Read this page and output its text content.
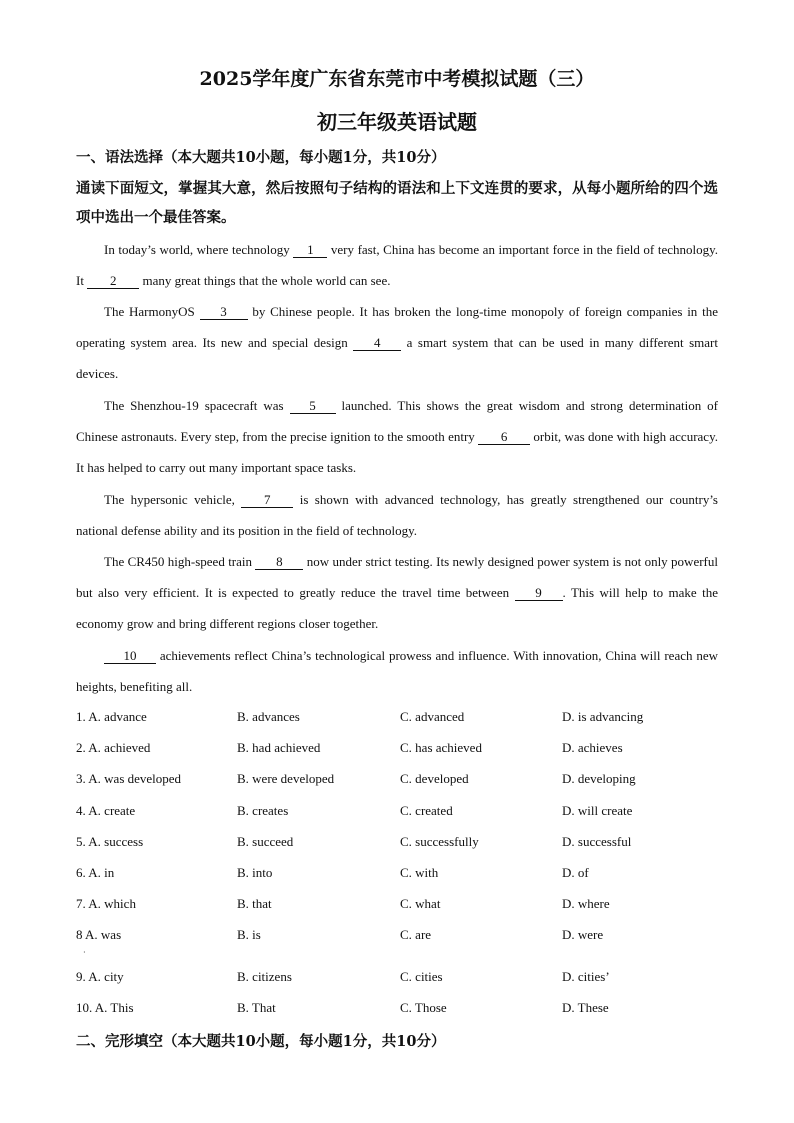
2025学年度广东省东莞市中考模拟试题（三）
初三年级英语试题
一、语法选择（本大题共10小题，每小题1分，共10分）
通读下面短文，掌握其大意，然后按照句子结构的语法和上下文连贯的要求，从每小题所给的四个选项中选出一个最佳答案。
In today’s world, where technology 1 very fast, China has become an important force in the field of technology. It 2 many great things that the whole world can see.
The HarmonyOS 3 by Chinese people. It has broken the long-time monopoly of foreign companies in the operating system area. Its new and special design 4 a smart system that can be used in many different smart devices.
The Shenzhou-19 spacecraft was 5 launched. This shows the great wisdom and strong determination of Chinese astronauts. Every step, from the precise ignition to the smooth entry 6 orbit, was done with high accuracy. It has helped to carry out many important space tasks.
The hypersonic vehicle, 7 is shown with advanced technology, has greatly strengthened our country’s national defense ability and its position in the field of technology.
The CR450 high-speed train 8 now under strict testing. Its newly designed power system is not only powerful but also very efficient. It is expected to greatly reduce the travel time between 9 . This will help to make the economy grow and bring different regions closer together.
10 achievements reflect China’s technological prowess and influence. With innovation, China will reach new heights, benefiting all.
1. A. advance	B. advances	C. advanced	D. is advancing
2. A. achieved	B. had achieved	C. has achieved	D. achieves
3. A. was developed	B. were developed	C. developed	D. developing
4. A. create	B. creates	C. created	D. will create
5. A. success	B. succeed	C. successfully	D. successful
6. A. in	B. into	C. with	D. of
7. A. which	B. that	C. what	D. where
8 A. was	B. is	C. are	D. were
9. A. city	B. citizens	C. cities	D. cities’
10. A. This	B. That	C. Those	D. These
·
二、完形填空（本大题共10小题，每小题1分，共10分）
